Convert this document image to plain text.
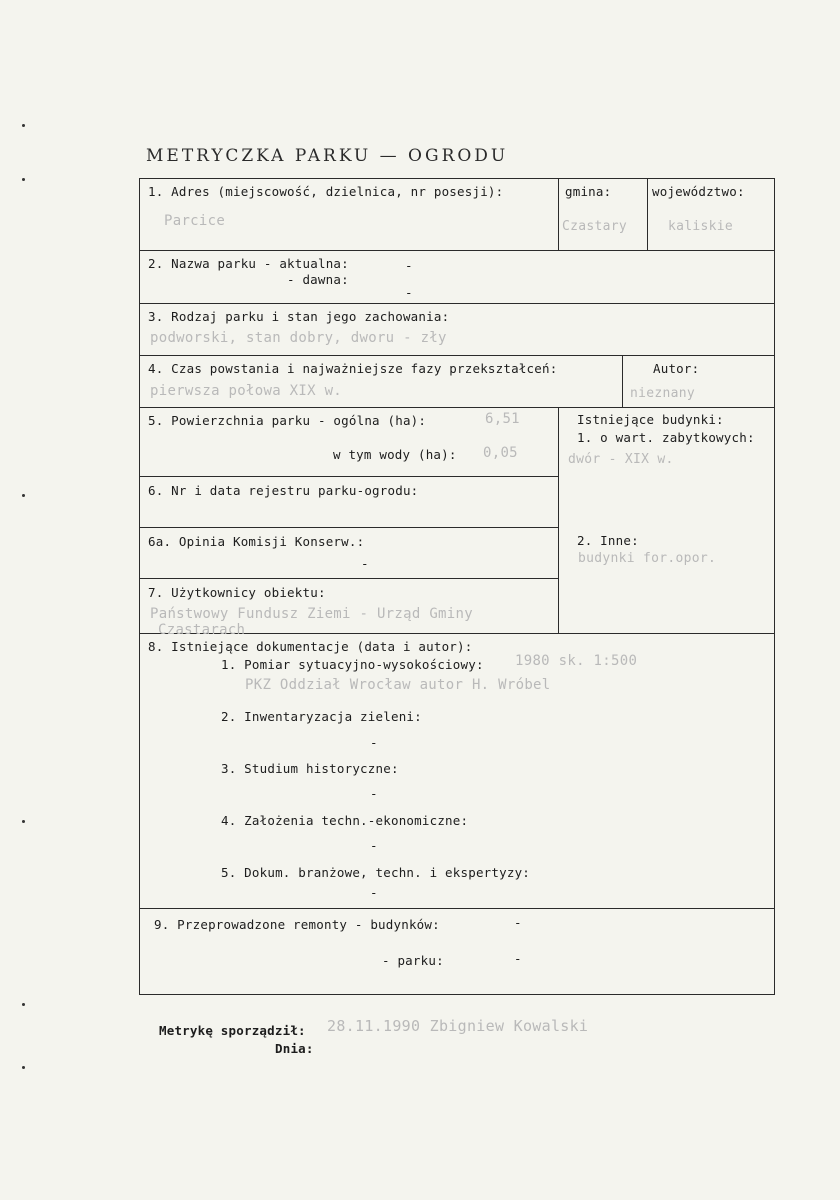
METRYCZKA PARKU — OGRODU
1. Adres (miejscowość, dzielnica, nr posesji):
Parcice
gmina:
Czastary
województwo:
kaliskie
2. Nazwa parku - aktualna:	-
- dawna:
-
3. Rodzaj parku i stan jego zachowania:
podworski, stan dobry, dworu - zły
4. Czas powstania i najważniejsze fazy przekształceń:
pierwsza połowa XIX w.
Autor:
nieznany
5. Powierzchnia parku - ogólna (ha):	6,51
w tym wody (ha): 0,05
Istniejące budynki:
1. o wart. zabytkowych:
dwór - XIX w.
2. Inne:
budynki for.opor.
6. Nr i data rejestru parku-ogrodu:
6a. Opinia Komisji Konserw.:
-
7. Użytkownicy obiektu:
Państwowy Fundusz Ziemi - Urząd Gminy
Czastarach
8. Istniejące dokumentacje (data i autor):
1. Pomiar sytuacyjno-wysokościowy: 1980 sk. 1:500
PKZ Oddział Wrocław autor H. Wróbel
2. Inwentaryzacja zieleni:
-
3. Studium historyczne:
-
4. Założenia techn.-ekonomiczne:
-
5. Dokum. branżowe, techn. i ekspertyzy:
-
9. Przeprowadzone remonty - budynków:	-
- parku:	-
Metrykę sporządził: 28.11.1990 Zbigniew Kowalski
Dnia:
